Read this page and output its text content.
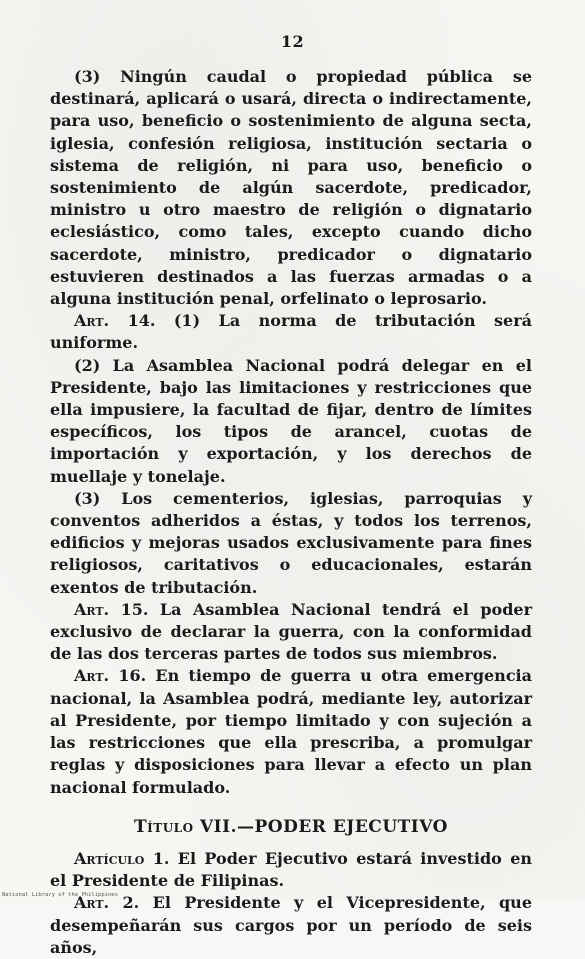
12

(3) Ningún caudal o propiedad pública se destinará, aplicará o usará, directa o indirectamente, para uso, beneficio o sostenimiento de alguna secta, iglesia, confesión religiosa, institución sectaria o sistema de religión, ni para uso, beneficio o sostenimiento de algún sacerdote, predicador, ministro u otro maestro de religión o dignatario eclesiástico, como tales, excepto cuando dicho sacerdote, ministro, predicador o dignatario estuvieren destinados a las fuerzas armadas o a alguna institución penal, orfelinato o leprosario.

Art. 14. (1) La norma de tributación será uniforme.

(2) La Asamblea Nacional podrá delegar en el Presidente, bajo las limitaciones y restricciones que ella impusiere, la facultad de fijar, dentro de límites específicos, los tipos de arancel, cuotas de importación y exportación, y los derechos de muellaje y tonelaje.

(3) Los cementerios, iglesias, parroquias y conventos adheridos a éstas, y todos los terrenos, edificios y mejoras usados exclusivamente para fines religiosos, caritativos o educacionales, estarán exentos de tributación.

Art. 15. La Asamblea Nacional tendrá el poder exclusivo de declarar la guerra, con la conformidad de las dos terceras partes de todos sus miembros.

Art. 16. En tiempo de guerra u otra emergencia nacional, la Asamblea podrá, mediante ley, autorizar al Presidente, por tiempo limitado y con sujeción a las restricciones que ella prescriba, a promulgar reglas y disposiciones para llevar a efecto un plan nacional formulado.

Título VII.—PODER EJECUTIVO

Artículo 1. El Poder Ejecutivo estará investido en el Presidente de Filipinas.

Art. 2. El Presidente y el Vicepresidente, que desempeñarán sus cargos por un período de seis años,

National Library of the Philippines
